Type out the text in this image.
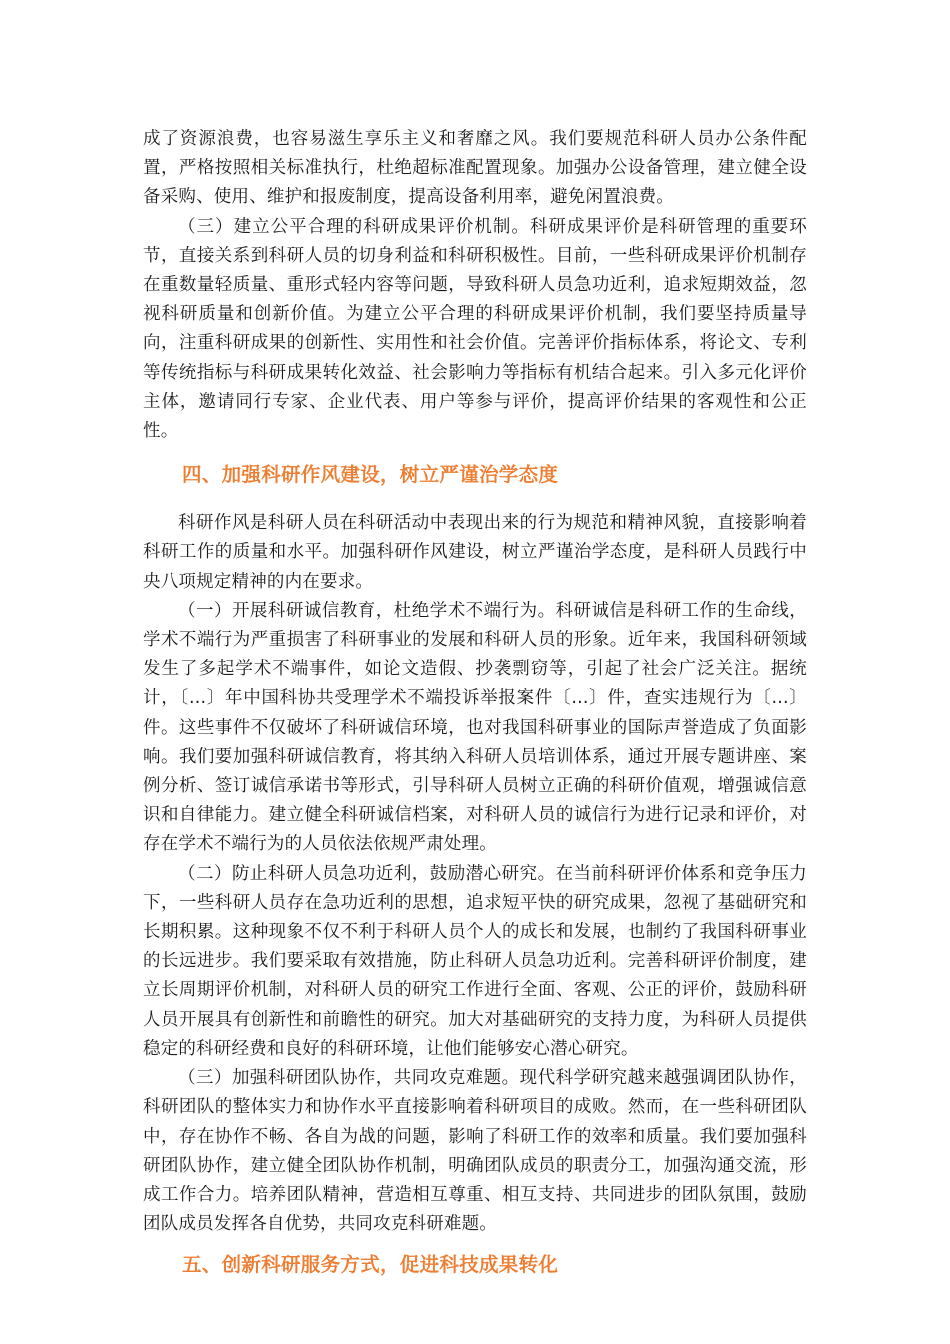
成了资源浪费，也容易滋生享乐主义和奢靡之风。我们要规范科研人员办公条件配置，严格按照相关标准执行，杜绝超标准配置现象。加强办公设备管理，建立健全设备采购、使用、维护和报废制度，提高设备利用率，避免闲置浪费。

（三）建立公平合理的科研成果评价机制。科研成果评价是科研管理的重要环节，直接关系到科研人员的切身利益和科研积极性。目前，一些科研成果评价机制存在重数量轻质量、重形式轻内容等问题，导致科研人员急功近利，追求短期效益，忽视科研质量和创新价值。为建立公平合理的科研成果评价机制，我们要坚持质量导向，注重科研成果的创新性、实用性和社会价值。完善评价指标体系，将论文、专利等传统指标与科研成果转化效益、社会影响力等指标有机结合起来。引入多元化评价主体，邀请同行专家、企业代表、用户等参与评价，提高评价结果的客观性和公正性。

四、加强科研作风建设，树立严谨治学态度

科研作风是科研人员在科研活动中表现出来的行为规范和精神风貌，直接影响着科研工作的质量和水平。加强科研作风建设，树立严谨治学态度，是科研人员践行中央八项规定精神的内在要求。

（一）开展科研诚信教育，杜绝学术不端行为。科研诚信是科研工作的生命线，学术不端行为严重损害了科研事业的发展和科研人员的形象。近年来，我国科研领域发生了多起学术不端事件，如论文造假、抄袭剽窃等，引起了社会广泛关注。据统计，〔...〕年中国科协共受理学术不端投诉举报案件〔...〕件，查实违规行为〔...〕件。这些事件不仅破坏了科研诚信环境，也对我国科研事业的国际声誉造成了负面影响。我们要加强科研诚信教育，将其纳入科研人员培训体系，通过开展专题讲座、案例分析、签订诚信承诺书等形式，引导科研人员树立正确的科研价值观，增强诚信意识和自律能力。建立健全科研诚信档案，对科研人员的诚信行为进行记录和评价，对存在学术不端行为的人员依法依规严肃处理。

（二）防止科研人员急功近利，鼓励潜心研究。在当前科研评价体系和竞争压力下，一些科研人员存在急功近利的思想，追求短平快的研究成果，忽视了基础研究和长期积累。这种现象不仅不利于科研人员个人的成长和发展，也制约了我国科研事业的长远进步。我们要采取有效措施，防止科研人员急功近利。完善科研评价制度，建立长周期评价机制，对科研人员的研究工作进行全面、客观、公正的评价，鼓励科研人员开展具有创新性和前瞻性的研究。加大对基础研究的支持力度，为科研人员提供稳定的科研经费和良好的科研环境，让他们能够安心潜心研究。

（三）加强科研团队协作，共同攻克难题。现代科学研究越来越强调团队协作，科研团队的整体实力和协作水平直接影响着科研项目的成败。然而，在一些科研团队中，存在协作不畅、各自为战的问题，影响了科研工作的效率和质量。我们要加强科研团队协作，建立健全团队协作机制，明确团队成员的职责分工，加强沟通交流，形成工作合力。培养团队精神，营造相互尊重、相互支持、共同进步的团队氛围，鼓励团队成员发挥各自优势，共同攻克科研难题。

五、创新科研服务方式，促进科技成果转化
